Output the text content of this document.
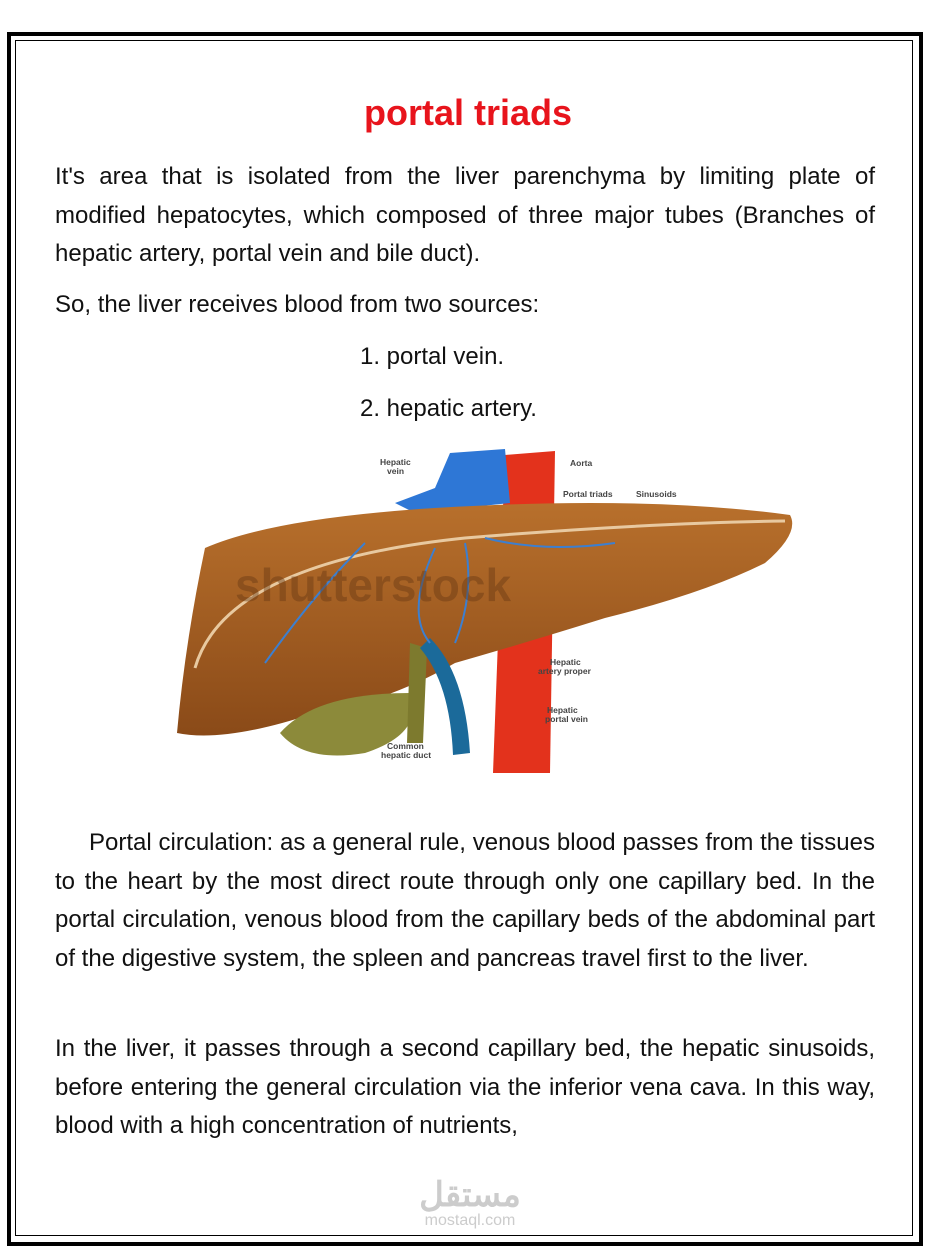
portal triads

It's area that is isolated from the liver parenchyma by limiting plate of modified hepatocytes, which composed of three major tubes (Branches of hepatic artery, portal vein and bile duct).

So, the liver receives blood from two sources:

1. portal vein.
2. hepatic artery.
shutterstock
Hepatic
vein
Aorta
Portal triads	Sinusoids
Hepatic
artery proper
Hepatic
portal vein
Common
hepatic duct

Portal circulation: as a general rule, venous blood passes from the tissues to the heart by the most direct route through only one capillary bed. In the portal circulation, venous blood from the capillary beds of the abdominal part of the digestive system, the spleen and pancreas travel first to the liver.

In the liver, it passes through a second capillary bed, the hepatic sinusoids, before entering the general circulation via the inferior vena cava. In this way, blood with a high concentration of nutrients,

مستقل
mostaql.com
